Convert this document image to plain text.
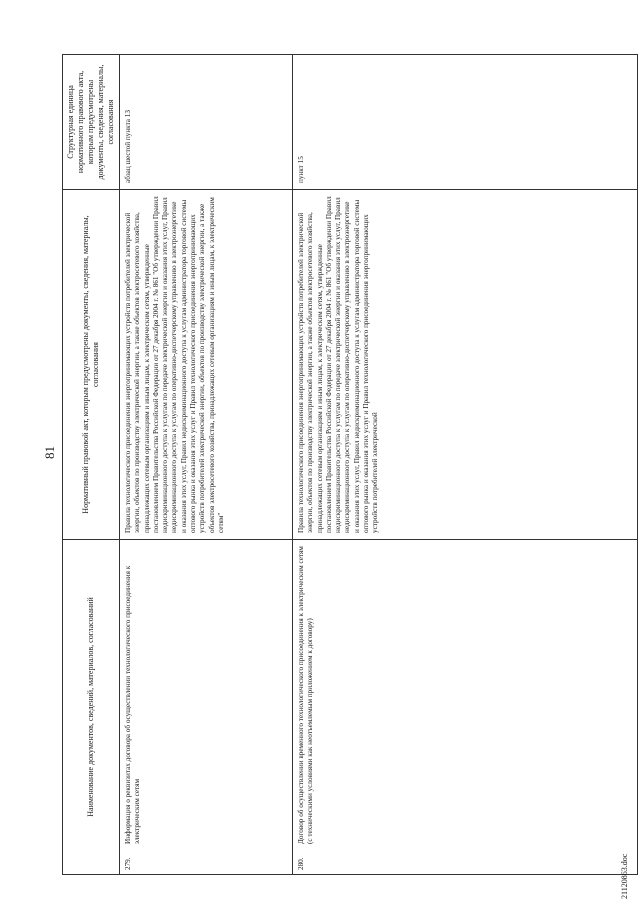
81
Наименование документов, сведений, материалов, согласований	Нормативный правовой акт, которым предусмотрены документы, сведения, материалы, согласования	Структурная единица нормативного правового акта, которым предусмотрены документы, сведения, материалы, согласования

279.
Информация о реквизитах договора об осуществлении технологического присоединения к электрическим сетям	Правила технологического присоединения энергопринимающих устройств потребителей электрической энергии, объектов по производству электрической энергии, а также объектов электросетевого хозяйства, принадлежащих сетевым организациям и иным лицам, к электрическим сетям, утвержденные постановлением Правительства Российской Федерации от 27 декабря 2004 г. № 861 "Об утверждении Правил недискриминационного доступа к услугам по передаче электрической энергии и оказания этих услуг, Правил недискриминационного доступа к услугам по оперативно-диспетчерскому управлению в электроэнергетике и оказания этих услуг, Правил недискриминационного доступа к услугам администратора торговой системы оптового рынка и оказания этих услуг и Правил технологического присоединения энергопринимающих устройств потребителей электрической энергии, объектов по производству электрической энергии, а также объектов электросетевого хозяйства, принадлежащих сетевым организациям и иным лицам, к электрическим сетям"	абзац шестой пункта 13

280.
Договор об осуществлении временного технологического присоединения к электрическим сетям (с техническими условиями как неотъемлемым приложением к договору)	Правила технологического присоединения энергопринимающих устройств потребителей электрической энергии, объектов по производству электрической энергии, а также объектов электросетевого хозяйства, принадлежащих сетевым организациям и иным лицам, к электрическим сетям, утвержденные постановлением Правительства Российской Федерации от 27 декабря 2004 г. № 861 "Об утверждении Правил недискриминационного доступа к услугам по передаче электрической энергии и оказания этих услуг, Правил недискриминационного доступа к услугам по оперативно-диспетчерскому управлению в электроэнергетике и оказания этих услуг, Правил недискриминационного доступа к услугам администратора торговой системы оптового рынка и оказания этих услуг и Правил технологического присоединения энергопринимающих устройств потребителей электрической	пункт 15
21120863.doc
